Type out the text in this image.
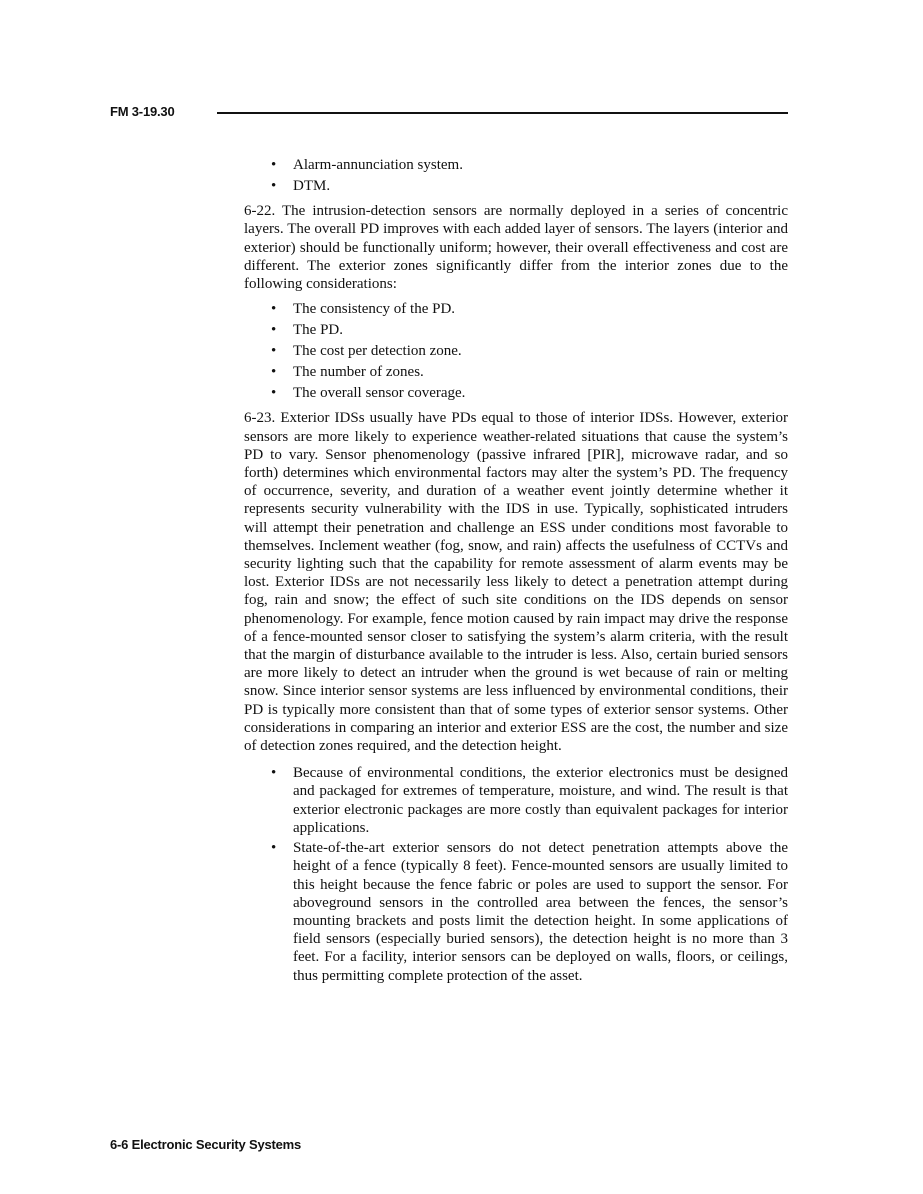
FM 3-19.30
• Alarm-annunciation system.
• DTM.

6-22. The intrusion-detection sensors are normally deployed in a series of concentric layers. The overall PD improves with each added layer of sensors. The layers (interior and exterior) should be functionally uniform; however, their overall effectiveness and cost are different. The exterior zones significantly differ from the interior zones due to the following considerations:

• The consistency of the PD.
• The PD.
• The cost per detection zone.
• The number of zones.
• The overall sensor coverage.

6-23. Exterior IDSs usually have PDs equal to those of interior IDSs. However, exterior sensors are more likely to experience weather-related situations that cause the system’s PD to vary. Sensor phenomenology (passive infrared [PIR], microwave radar, and so forth) determines which environmental factors may alter the system’s PD. The frequency of occurrence, severity, and duration of a weather event jointly determine whether it represents security vulnerability with the IDS in use. Typically, sophisticated intruders will attempt their penetration and challenge an ESS under conditions most favorable to themselves. Inclement weather (fog, snow, and rain) affects the usefulness of CCTVs and security lighting such that the capability for remote assessment of alarm events may be lost. Exterior IDSs are not necessarily less likely to detect a penetration attempt during fog, rain and snow; the effect of such site conditions on the IDS depends on sensor phenomenology. For example, fence motion caused by rain impact may drive the response of a fence-mounted sensor closer to satisfying the system’s alarm criteria, with the result that the margin of disturbance available to the intruder is less. Also, certain buried sensors are more likely to detect an intruder when the ground is wet because of rain or melting snow. Since interior sensor systems are less influenced by environmental conditions, their PD is typically more consistent than that of some types of exterior sensor systems. Other considerations in comparing an interior and exterior ESS are the cost, the number and size of detection zones required, and the detection height.

• Because of environmental conditions, the exterior electronics must be designed and packaged for extremes of temperature, moisture, and wind. The result is that exterior electronic packages are more costly than equivalent packages for interior applications.
• State-of-the-art exterior sensors do not detect penetration attempts above the height of a fence (typically 8 feet). Fence-mounted sensors are usually limited to this height because the fence fabric or poles are used to support the sensor. For aboveground sensors in the controlled area between the fences, the sensor’s mounting brackets and posts limit the detection height. In some applications of field sensors (especially buried sensors), the detection height is no more than 3 feet. For a facility, interior sensors can be deployed on walls, floors, or ceilings, thus permitting complete protection of the asset.
6-6 Electronic Security Systems
